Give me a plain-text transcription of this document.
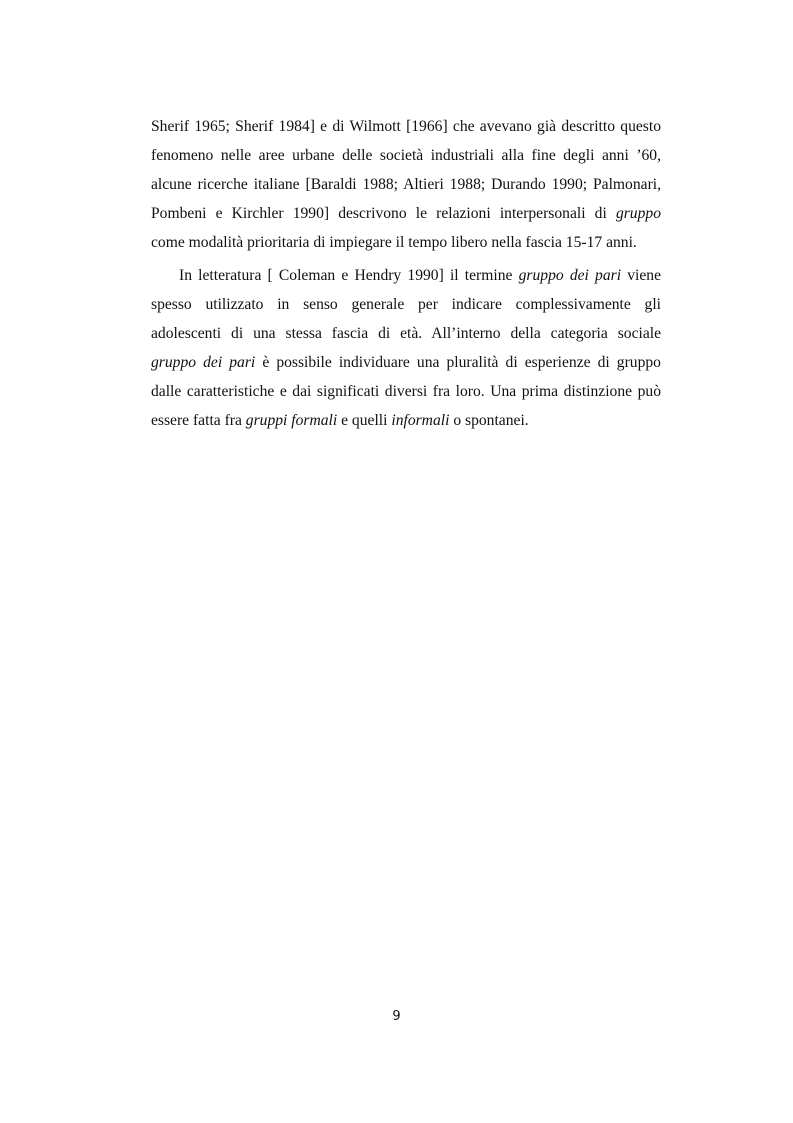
Sherif 1965; Sherif 1984] e di Wilmott [1966] che avevano già descritto questo
fenomeno nelle aree urbane delle società industriali alla fine degli anni ’60,
alcune ricerche italiane [Baraldi 1988; Altieri 1988; Durando 1990; Palmonari,
Pombeni e Kirchler 1990] descrivono le relazioni interpersonali di gruppo
come modalità prioritaria di impiegare il tempo libero nella fascia 15-17 anni.
In letteratura [ Coleman e Hendry 1990] il termine gruppo dei pari viene
spesso utilizzato in senso generale per indicare complessivamente gli
adolescenti di una stessa fascia di età. All’interno della categoria sociale
gruppo dei pari è possibile individuare una pluralità di esperienze di gruppo
dalle caratteristiche e dai significati diversi fra loro. Una prima distinzione può
essere fatta fra gruppi formali e quelli informali o spontanei.
9
